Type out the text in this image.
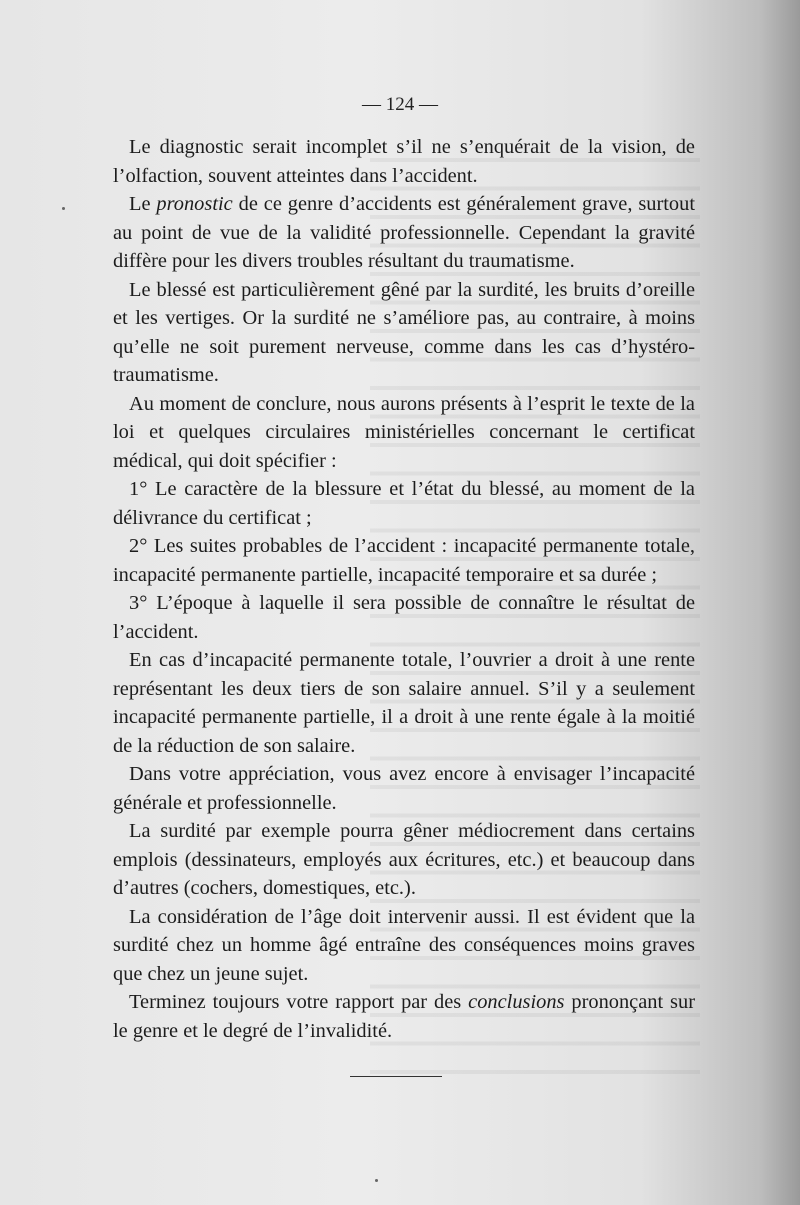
— 124 —

Le diagnostic serait incomplet s’il ne s’enquérait de la vision, de l’olfaction, souvent atteintes dans l’accident.

Le pronostic de ce genre d’accidents est généralement grave, surtout au point de vue de la validité professionnelle. Cependant la gravité diffère pour les divers troubles résultant du traumatisme.

Le blessé est particulièrement gêné par la surdité, les bruits d’oreille et les vertiges. Or la surdité ne s’améliore pas, au contraire, à moins qu’elle ne soit purement nerveuse, comme dans les cas d’hystéro-traumatisme.

Au moment de conclure, nous aurons présents à l’esprit le texte de la loi et quelques circulaires ministérielles concernant le certificat médical, qui doit spécifier :

1° Le caractère de la blessure et l’état du blessé, au moment de la délivrance du certificat ;

2° Les suites probables de l’accident : incapacité permanente totale, incapacité permanente partielle, incapacité temporaire et sa durée ;

3° L’époque à laquelle il sera possible de connaître le résultat de l’accident.

En cas d’incapacité permanente totale, l’ouvrier a droit à une rente représentant les deux tiers de son salaire annuel. S’il y a seulement incapacité permanente partielle, il a droit à une rente égale à la moitié de la réduction de son salaire.

Dans votre appréciation, vous avez encore à envisager l’incapacité générale et professionnelle.

La surdité par exemple pourra gêner médiocrement dans certains emplois (dessinateurs, employés aux écritures, etc.) et beaucoup dans d’autres (cochers, domestiques, etc.).

La considération de l’âge doit intervenir aussi. Il est évident que la surdité chez un homme âgé entraîne des conséquences moins graves que chez un jeune sujet.

Terminez toujours votre rapport par des conclusions prononçant sur le genre et le degré de l’invalidité.
